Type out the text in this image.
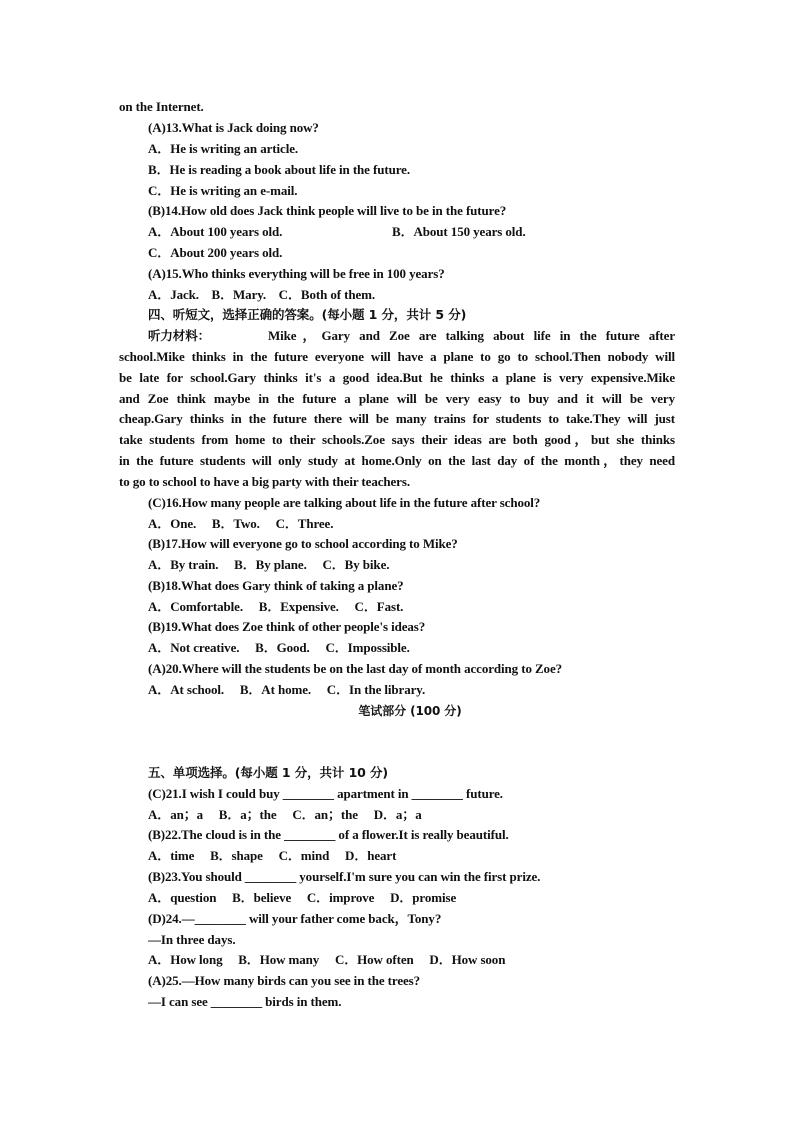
on the Internet.
(A)13.What is Jack doing now?
A．He is writing an article.
B．He is reading a book about life in the future.
C．He is writing an e-mail.
(B)14.How old does Jack think people will live to be in the future?
A．About 100 years old.	B．About 150 years old.
C．About 200 years old.
(A)15.Who thinks everything will be free in 100 years?
A．Jack.    B．Mary.    C．Both of them.
四、听短文，选择正确的答案。(每小题 1 分，共计 5 分)
听力材料：	Mike，Gary and Zoe are talking about life in the future after
school.Mike thinks in the future everyone will have a plane to go to school.Then nobody will
be late for school.Gary thinks it's a good idea.But he thinks a plane is very expensive.Mike
and Zoe think maybe in the future a plane will be very easy to buy and it will be very
cheap.Gary thinks in the future there will be many trains for students to take.They will just
take students from home to their schools.Zoe says their ideas are both good，but she thinks
in the future students will only study at home.Only on the last day of the month，they need
to go to school to have a big party with their teachers.
(C)16.How many people are talking about life in the future after school?
A．One.     B．Two.     C．Three.
(B)17.How will everyone go to school according to Mike?
A．By train.     B．By plane.     C．By bike.
(B)18.What does Gary think of taking a plane?
A．Comfortable.     B．Expensive.     C．Fast.
(B)19.What does Zoe think of other people's ideas?
A．Not creative.     B．Good.     C．Impossible.
(A)20.Where will the students be on the last day of month according to Zoe?
A．At school.     B．At home.     C．In the library.
笔试部分 (100 分)
五、单项选择。(每小题 1 分，共计 10 分)
(C)21.I wish I could buy ________ apartment in ________ future.
A．an；a     B．a；the     C．an；the     D．a；a
(B)22.The cloud is in the ________ of a flower.It is really beautiful.
A．time     B．shape     C．mind     D．heart
(B)23.You should ________ yourself.I'm sure you can win the first prize.
A．question     B．believe     C．improve     D．promise
(D)24.—________ will your father come back，Tony?
—In three days.
A．How long     B．How many     C．How often     D．How soon
(A)25.—How many birds can you see in the trees?
—I can see ________ birds in them.
